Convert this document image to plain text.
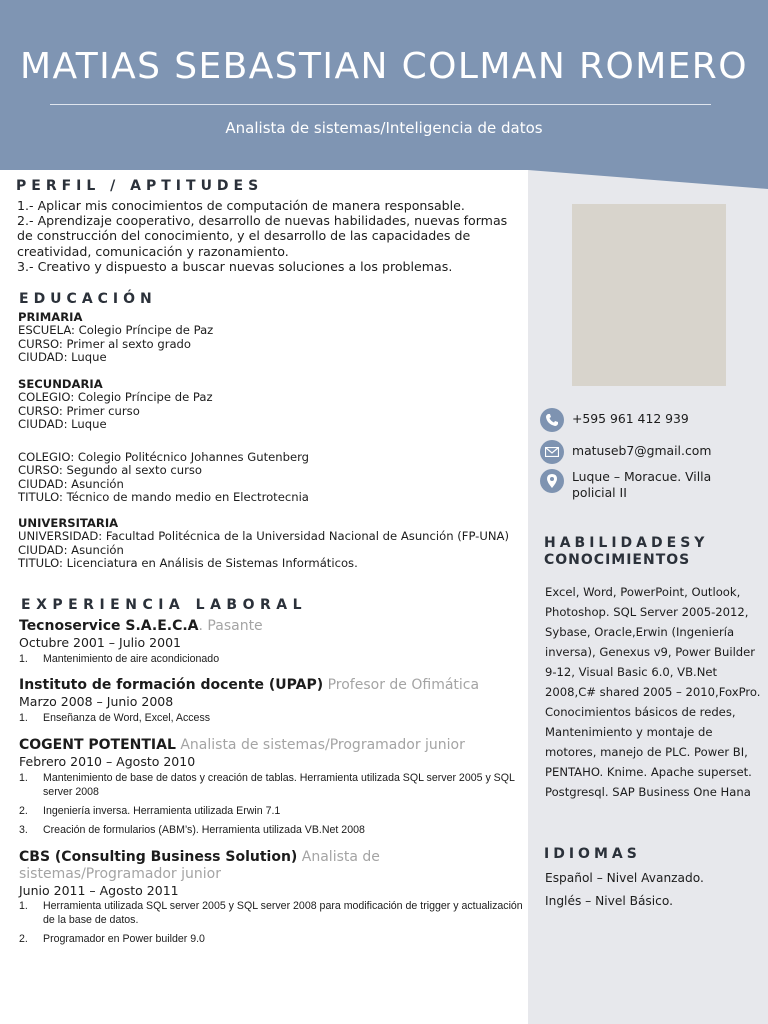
MATIAS SEBASTIAN COLMAN ROMERO
Analista de sistemas/Inteligencia de datos
PERFIL / APTITUDES
1.- Aplicar mis conocimientos de computación de manera responsable.
2.- Aprendizaje cooperativo, desarrollo de nuevas habilidades, nuevas formas de construcción del conocimiento, y el desarrollo de las capacidades de creatividad, comunicación y razonamiento.
3.- Creativo y dispuesto a buscar nuevas soluciones a los problemas.
EDUCACIÓN
PRIMARIA
ESCUELA: Colegio Príncipe de Paz
CURSO: Primer al sexto grado
CIUDAD: Luque
SECUNDARIA
COLEGIO: Colegio Príncipe de Paz
CURSO: Primer curso
CIUDAD: Luque
COLEGIO: Colegio Politécnico Johannes Gutenberg
CURSO: Segundo al sexto curso
CIUDAD: Asunción
TITULO: Técnico de mando medio en Electrotecnia
UNIVERSITARIA
UNIVERSIDAD: Facultad Politécnica de la Universidad Nacional de Asunción (FP-UNA)
CIUDAD: Asunción
TITULO: Licenciatura en Análisis de Sistemas Informáticos.
EXPERIENCIA LABORAL
Tecnoservice S.A.E.C.A. Pasante
Octubre 2001 – Julio 2001
1. Mantenimiento de aire acondicionado
Instituto de formación docente (UPAP) Profesor de Ofimática
Marzo 2008 – Junio 2008
1. Enseñanza de Word, Excel, Access
COGENT POTENTIAL Analista de sistemas/Programador junior
Febrero 2010 – Agosto 2010
1. Mantenimiento de base de datos y creación de tablas. Herramienta utilizada SQL server 2005 y SQL server 2008
2. Ingeniería inversa. Herramienta utilizada Erwin 7.1
3. Creación de formularios (ABM’s). Herramienta utilizada VB.Net 2008
CBS (Consulting Business Solution) Analista de sistemas/Programador junior
Junio 2011 – Agosto 2011
1. Herramienta utilizada SQL server 2005 y SQL server 2008 para modificación de trigger y actualización de la base de datos.
2. Programador en Power builder 9.0
+595 961 412 939
matuseb7@gmail.com
Luque – Moracue. Villa policial II
HABILIDADESY
CONOCIMIENTOS
Excel, Word, PowerPoint, Outlook, Photoshop. SQL Server 2005-2012, Sybase, Oracle,Erwin (Ingeniería inversa), Genexus v9, Power Builder 9-12, Visual Basic 6.0, VB.Net 2008,C# shared 2005 – 2010,FoxPro. Conocimientos básicos de redes, Mantenimiento y montaje de motores, manejo de PLC. Power BI, PENTAHO. Knime. Apache superset. Postgresql. SAP Business One Hana
IDIOMAS
Español – Nivel Avanzado.
Inglés – Nivel Básico.
